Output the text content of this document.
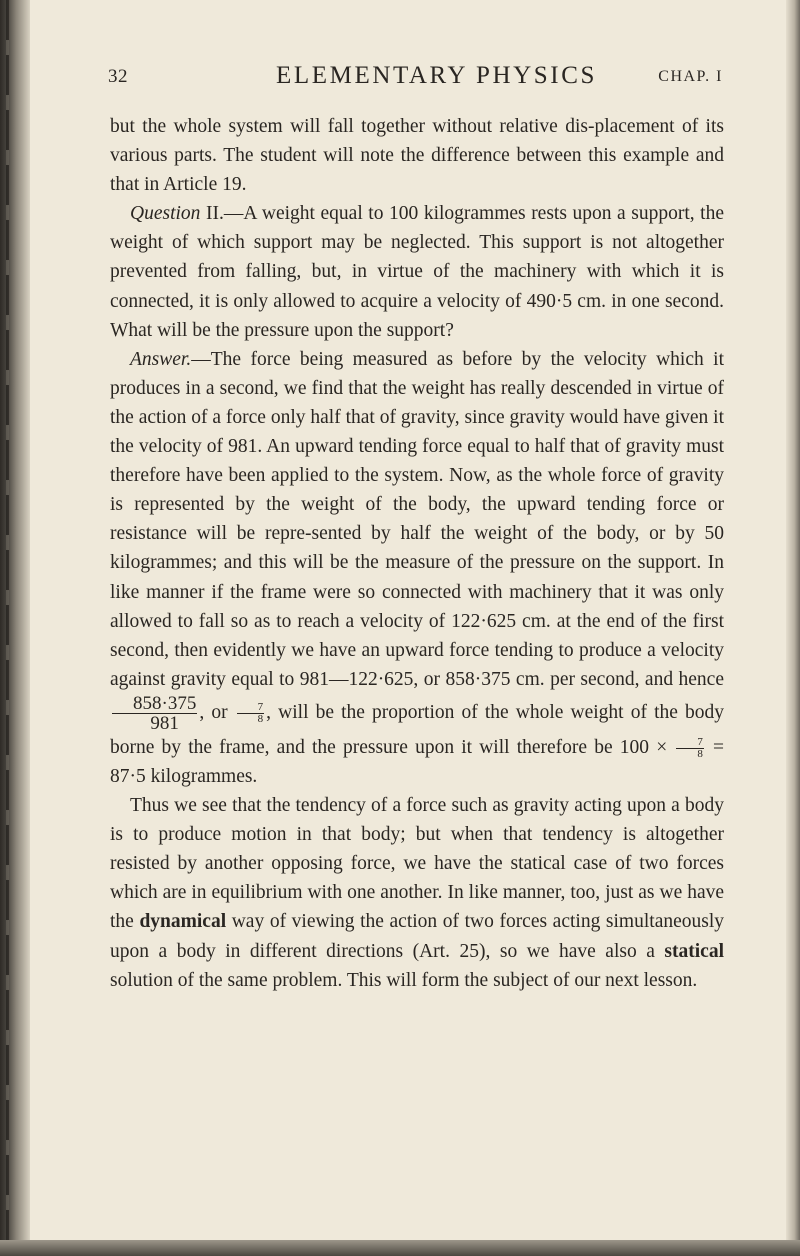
32	ELEMENTARY PHYSICS	CHAP. I

but the whole system will fall together without relative dis-placement of its various parts. The student will note the difference between this example and that in Article 19.

Question II.—A weight equal to 100 kilogrammes rests upon a support, the weight of which support may be neglected. This support is not altogether prevented from falling, but, in virtue of the machinery with which it is connected, it is only allowed to acquire a velocity of 490·5 cm. in one second. What will be the pressure upon the support?

Answer.—The force being measured as before by the velocity which it produces in a second, we find that the weight has really descended in virtue of the action of a force only half that of gravity, since gravity would have given it the velocity of 981. An upward tending force equal to half that of gravity must therefore have been applied to the system. Now, as the whole force of gravity is represented by the weight of the body, the upward tending force or resistance will be repre-sented by half the weight of the body, or by 50 kilogrammes; and this will be the measure of the pressure on the support. In like manner if the frame were so connected with machinery that it was only allowed to fall so as to reach a velocity of 122·625 cm. at the end of the first second, then evidently we have an upward force tending to produce a velocity against gravity equal to 981—122·625, or 858·375 cm. per second, and hence
$\frac{858\cdot 375}{981}$ , or $\frac{7}{8}$ , will be the proportion of the whole weight of the body borne by the frame, and the pressure upon it will therefore be $100 \times \frac{7}{8} = 87\cdot 5$ kilogrammes.

Thus we see that the tendency of a force such as gravity acting upon a body is to produce motion in that body; but when that tendency is altogether resisted by another opposing force, we have the statical case of two forces which are in equilibrium with one another. In like manner, too, just as we have the dynamical way of viewing the action of two forces acting simultaneously upon a body in different directions (Art. 25), so we have also a statical solution of the same problem. This will form the subject of our next lesson.
